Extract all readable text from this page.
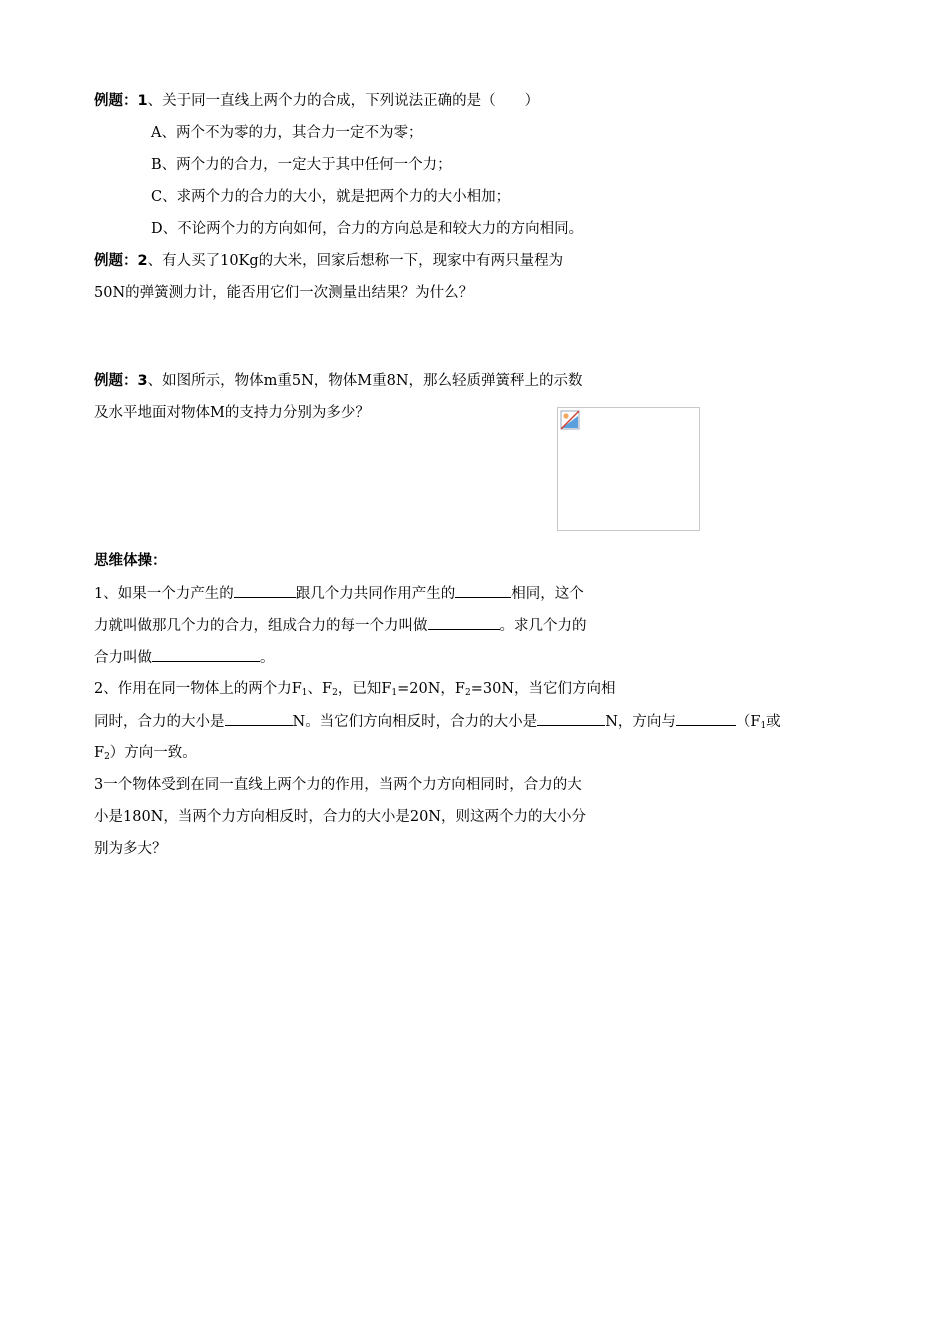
例题：1、关于同一直线上两个力的合成，下列说法正确的是（　　）
A、两个不为零的力，其合力一定不为零；
B、两个力的合力，一定大于其中任何一个力；
C、求两个力的合力的大小，就是把两个力的大小相加；
D、不论两个力的方向如何，合力的方向总是和较大力的方向相同。
例题：2、有人买了10Kg的大米，回家后想称一下，现家中有两只量程为
50N的弹簧测力计，能否用它们一次测量出结果？为什么？
例题：3、如图所示，物体m重5N，物体M重8N，那么轻质弹簧秤上的示数
及水平地面对物体M的支持力分别为多少？
思维体操：
1、如果一个力产生的	跟几个力共同作用产生的	相同，这个
力就叫做那几个力的合力，组成合力的每一个力叫做	。求几个力的
合力叫做	。
2、作用在同一物体上的两个力$F_1$、$F_2$，已知$F_1=20N$，$F_2=30N$，当它们方向相
同时，合力的大小是	N。当它们方向相反时，合力的大小是	N，方向与	（$F_1$或
$F_2$）方向一致。
3一个物体受到在同一直线上两个力的作用，当两个力方向相同时，合力的大
小是180N，当两个力方向相反时，合力的大小是20N，则这两个力的大小分
别为多大？
